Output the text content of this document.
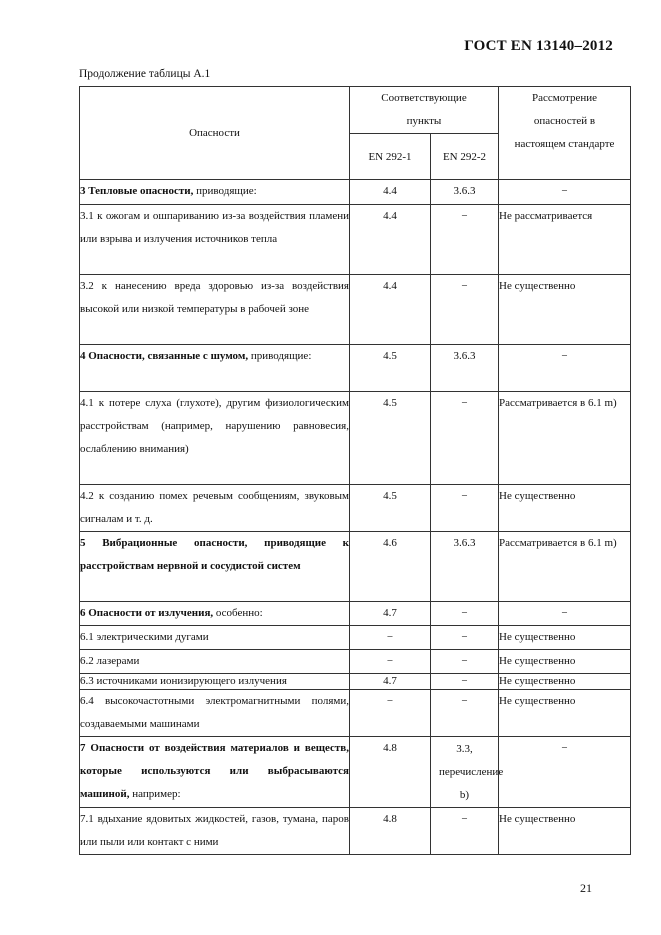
ГОСТ EN 13140–2012
Продолжение таблицы А.1
Опасности	Соответствующие пункты		Рассмотрение опасностей в настоящем стандарте

	EN 292-1	EN 292-2	
3 Тепловые опасности, приводящие:	4.4	3.6.3	−
3.1 к ожогам и ошпариванию из-за воздействия пламени или взрыва и излучения источников тепла	4.4	−	Не рассматривается
3.2 к нанесению вреда здоровью из-за воздействия высокой или низкой температуры в рабочей зоне	4.4	−	Не существенно
4 Опасности, связанные с шумом, приводящие:	4.5	3.6.3	−
4.1 к потере слуха (глухоте), другим физиологическим расстройствам (например, нарушению равновесия, ослаблению внимания)	4.5	−	Рассматривается в 6.1 m)
4.2 к созданию помех речевым сообщениям, звуковым сигналам и т. д.	4.5	−	Не существенно
5 Вибрационные опасности, приводящие к расстройствам нервной и сосудистой систем	4.6	3.6.3	Рассматривается в 6.1 m)
6 Опасности от излучения, особенно:	4.7	−	−
6.1 электрическими дугами	−	−	Не существенно
6.2 лазерами	−	−	Не существенно
6.3 источниками ионизирующего излучения	4.7	−	Не существенно
6.4 высокочастотными электромагнитными полями, создаваемыми машинами	−	−	Не существенно
7 Опасности от воздействия материалов и веществ, которые используются или выбрасываются машиной, например:	4.8	3.3, перечисление b)	−
7.1 вдыхание ядовитых жидкостей, газов, тумана, паров или пыли или контакт с ними	4.8	−	Не существенно
21
